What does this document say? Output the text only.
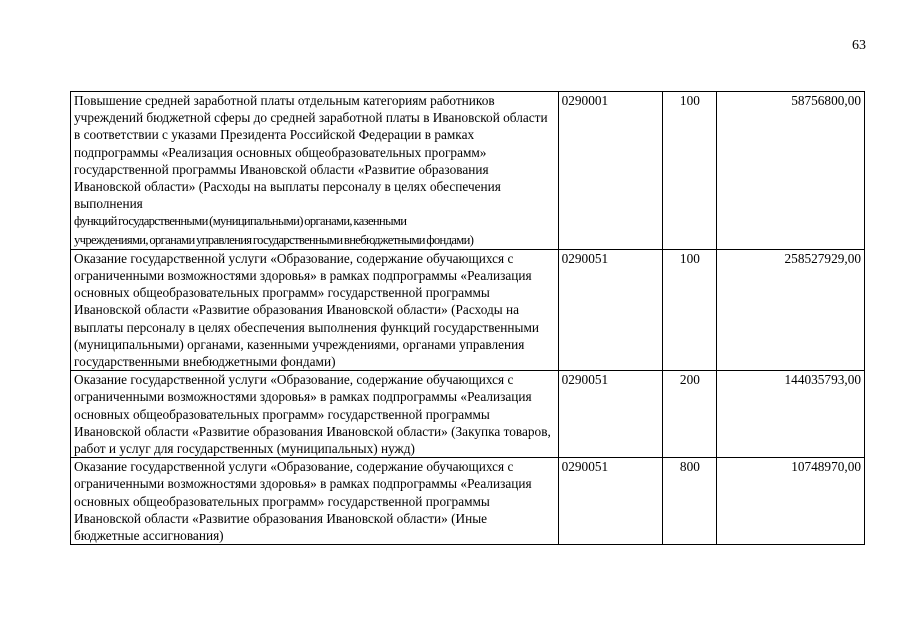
63
Повышение средней заработной платы отдельным категориям работников учреждений бюджетной сферы до средней заработной платы в Ивановской области в соответствии с указами Президента Российской Федерации в рамках подпрограммы «Реализация основных общеобразовательных программ» государственной программы Ивановской области «Развитие образования Ивановской области» (Расходы на выплаты персоналу в целях обеспечения выполнения
функций государственными (муниципальными) органами, казенными
учреждениями, органами управления государственными внебюджетными фондами)	0290001	100	58756800,00
Оказание государственной услуги «Образование, содержание обучающихся с ограниченными возможностями здоровья» в рамках подпрограммы «Реализация основных общеобразовательных программ» государственной программы Ивановской области «Развитие образования Ивановской области» (Расходы на выплаты персоналу в целях обеспечения выполнения функций государственными (муниципальными) органами, казенными учреждениями, органами управления государственными внебюджетными фондами)	0290051	100	258527929,00
Оказание государственной услуги «Образование, содержание обучающихся с ограниченными возможностями здоровья» в рамках подпрограммы «Реализация основных общеобразовательных программ» государственной программы Ивановской области «Развитие образования Ивановской области» (Закупка товаров, работ и услуг для государственных (муниципальных) нужд)	0290051	200	144035793,00
Оказание государственной услуги «Образование, содержание обучающихся с ограниченными возможностями здоровья» в рамках подпрограммы «Реализация основных общеобразовательных программ» государственной программы Ивановской области «Развитие образования Ивановской области» (Иные бюджетные ассигнования)	0290051	800	10748970,00
